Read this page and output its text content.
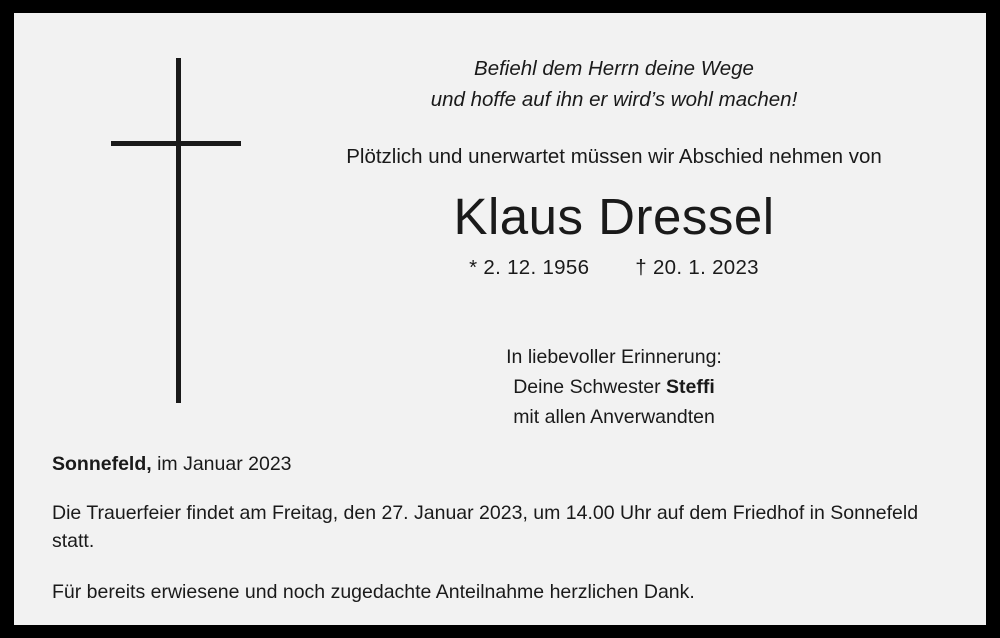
Befiehl dem Herrn deine Wege
und hoffe auf ihn er wird’s wohl machen!
Plötzlich und unerwartet müssen wir Abschied nehmen von
Klaus Dressel
* 2. 12. 1956 † 20. 1. 2023
In liebevoller Erinnerung:
Deine Schwester Steffi
mit allen Anverwandten
Sonnefeld, im Januar 2023
Die Trauerfeier findet am Freitag, den 27. Januar 2023, um 14.00 Uhr auf dem Friedhof in Sonnefeld statt.
Für bereits erwiesene und noch zugedachte Anteilnahme herzlichen Dank.
